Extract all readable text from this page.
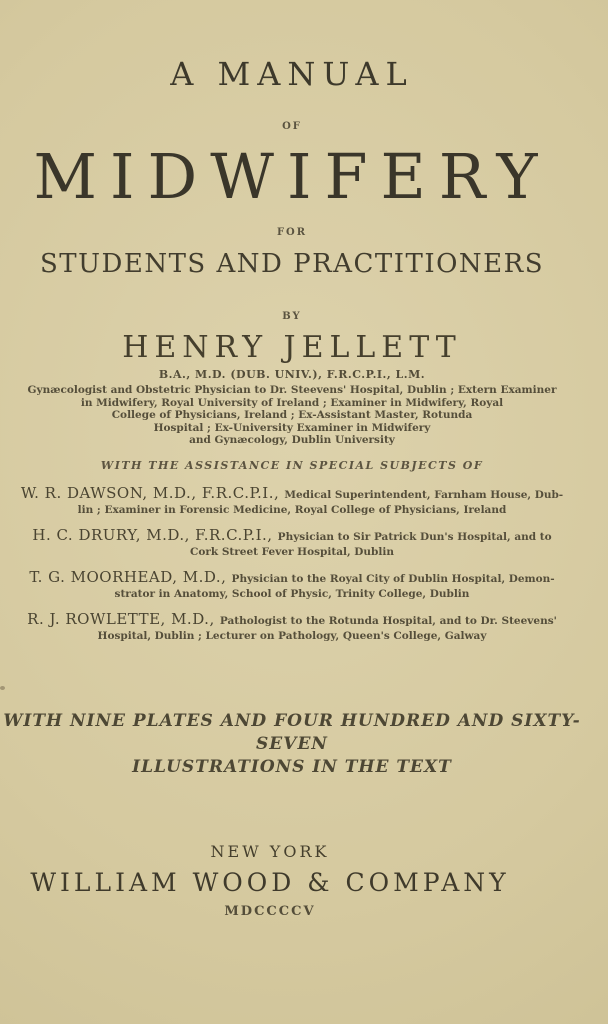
A MANUAL
OF
MIDWIFERY
FOR
STUDENTS AND PRACTITIONERS
BY
HENRY JELLETT
B.A., M.D. (DUB. UNIV.), F.R.C.P.I., L.M.
Gynæcologist and Obstetric Physician to Dr. Steevens' Hospital, Dublin ; Extern Examiner
in Midwifery, Royal University of Ireland ; Examiner in Midwifery, Royal
College of Physicians, Ireland ; Ex-Assistant Master, Rotunda
Hospital ; Ex-University Examiner in Midwifery
and Gynæcology, Dublin University
WITH THE ASSISTANCE IN SPECIAL SUBJECTS OF
W. R. DAWSON, M.D., F.R.C.P.I., Medical Superintendent, Farnham House, Dub-
lin ; Examiner in Forensic Medicine, Royal College of Physicians, Ireland
H. C. DRURY, M.D., F.R.C.P.I., Physician to Sir Patrick Dun's Hospital, and to
Cork Street Fever Hospital, Dublin
T. G. MOORHEAD, M.D., Physician to the Royal City of Dublin Hospital, Demon-
strator in Anatomy, School of Physic, Trinity College, Dublin
R. J. ROWLETTE, M.D., Pathologist to the Rotunda Hospital, and to Dr. Steevens'
Hospital, Dublin ; Lecturer on Pathology, Queen's College, Galway
WITH NINE PLATES AND FOUR HUNDRED AND SIXTY-SEVEN
ILLUSTRATIONS IN THE TEXT
NEW YORK
WILLIAM WOOD & COMPANY
MDCCCCV
